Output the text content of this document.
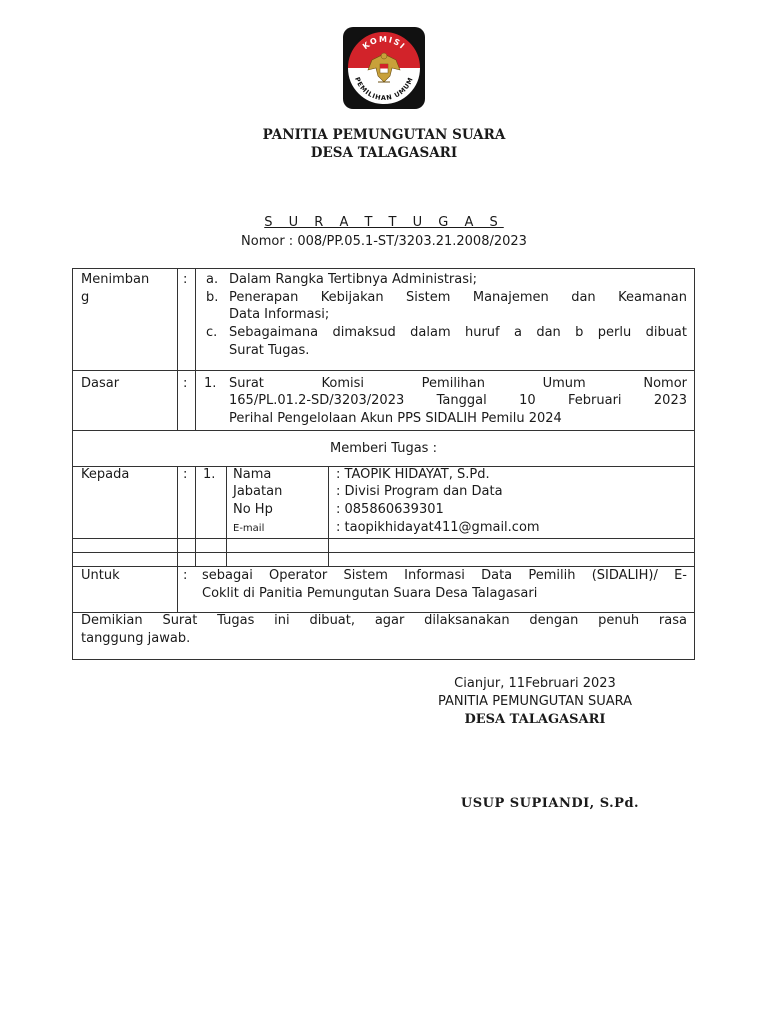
KOMISI
PEMILIHAN UMUM
PANITIA PEMUNGUTAN SUARA
DESA TALAGASARI
S U R A T T U G A S
Nomor : 008/PP.05.1-ST/3203.21.2008/2023
Menimban
g
: a. Dalam Rangka Tertibnya Administrasi;
b. Penerapan Kebijakan Sistem Manajemen dan Keamanan
Data Informasi;
c. Sebagaimana dimaksud dalam huruf a dan b perlu dibuat
Surat Tugas.
Dasar	: 1. Surat Komisi Pemilihan Umum Nomor
165/PL.01.2-SD/3203/2023 Tanggal 10 Februari 2023
Perihal Pengelolaan Akun PPS SIDALIH Pemilu 2024
Memberi Tugas :
Kepada	: 1. Nama	: TAOPIK HIDAYAT, S.Pd.
Jabatan	: Divisi Program dan Data
No Hp	: 085860639301
E-mail	: taopikhidayat411@gmail.com
Untuk	: sebagai Operator Sistem Informasi Data Pemilih (SIDALIH)/ E-
Coklit di Panitia Pemungutan Suara Desa Talagasari
Demikian Surat Tugas ini dibuat, agar dilaksanakan dengan penuh rasa
tanggung jawab.
Cianjur, 11Februari 2023
PANITIA PEMUNGUTAN SUARA
DESA TALAGASARI
USUP SUPIANDI, S.Pd.
